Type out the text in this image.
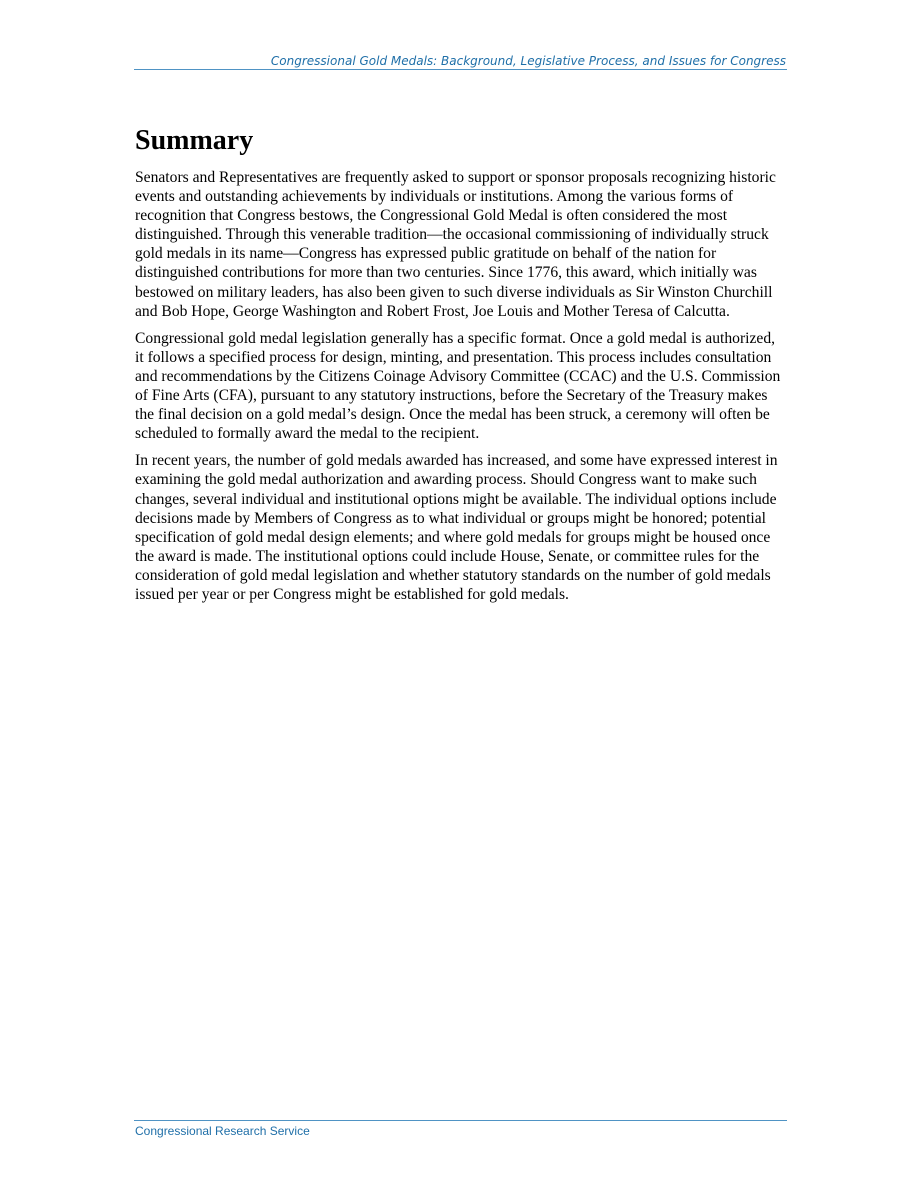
Congressional Gold Medals: Background, Legislative Process, and Issues for Congress
Summary

Senators and Representatives are frequently asked to support or sponsor proposals recognizing historic events and outstanding achievements by individuals or institutions. Among the various forms of recognition that Congress bestows, the Congressional Gold Medal is often considered the most distinguished. Through this venerable tradition—the occasional commissioning of individually struck gold medals in its name—Congress has expressed public gratitude on behalf of the nation for distinguished contributions for more than two centuries. Since 1776, this award, which initially was bestowed on military leaders, has also been given to such diverse individuals as Sir Winston Churchill and Bob Hope, George Washington and Robert Frost, Joe Louis and Mother Teresa of Calcutta.

Congressional gold medal legislation generally has a specific format. Once a gold medal is authorized, it follows a specified process for design, minting, and presentation. This process includes consultation and recommendations by the Citizens Coinage Advisory Committee (CCAC) and the U.S. Commission of Fine Arts (CFA), pursuant to any statutory instructions, before the Secretary of the Treasury makes the final decision on a gold medal’s design. Once the medal has been struck, a ceremony will often be scheduled to formally award the medal to the recipient.

In recent years, the number of gold medals awarded has increased, and some have expressed interest in examining the gold medal authorization and awarding process. Should Congress want to make such changes, several individual and institutional options might be available. The individual options include decisions made by Members of Congress as to what individual or groups might be honored; potential specification of gold medal design elements; and where gold medals for groups might be housed once the award is made. The institutional options could include House, Senate, or committee rules for the consideration of gold medal legislation and whether statutory standards on the number of gold medals issued per year or per Congress might be established for gold medals.

Congressional Research Service
